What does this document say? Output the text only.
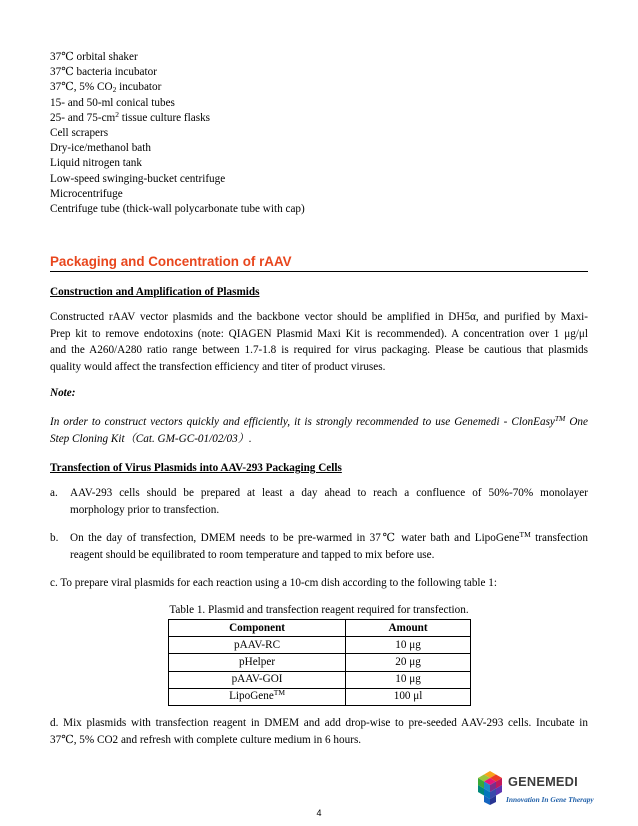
37℃ orbital shaker
37℃ bacteria incubator
37℃, 5% $CO_2$ incubator
15- and 50-ml conical tubes
25- and $75-cm^2$ tissue culture flasks
Cell scrapers
Dry-ice/methanol bath
Liquid nitrogen tank
Low-speed swinging-bucket centrifuge
Microcentrifuge
Centrifuge tube (thick-wall polycarbonate tube with cap)
Packaging and Concentration of rAAV
Construction and Amplification of Plasmids
Constructed rAAV vector plasmids and the backbone vector should be amplified in DH5α, and purified by Maxi-
Prep kit to remove endotoxins (note: QIAGEN Plasmid Maxi Kit is recommended). A concentration over 1 μg/μl
and the A260/A280 ratio range between 1.7-1.8 is required for virus packaging. Please be cautious that plasmids
quality would affect the transfection efficiency and titer of product viruses.
Note:
In order to construct vectors quickly and efficiently, it is strongly recommended to use Genemedi - ClonEasy™ One
Step Cloning Kit（Cat. GM-GC-01/02/03）.
Transfection of Virus Plasmids into AAV-293 Packaging Cells
a. AAV-293 cells should be prepared at least a day ahead to reach a confluence of 50%-70% monolayer
morphology prior to transfection.
b. On the day of transfection, DMEM needs to be pre-warmed in 37℃ water bath and LipoGene™ transfection
reagent should be equilibrated to room temperature and tapped to mix before use.
c. To prepare viral plasmids for each reaction using a 10-cm dish according to the following table 1:
Table 1. Plasmid and transfection reagent required for transfection.
Component	Amount
pAAV-RC	10 μg
pHelper	20 μg
pAAV-GOI	10 μg
LipoGene™	100 μl
d. Mix plasmids with transfection reagent in DMEM and add drop-wise to pre-seeded AAV-293 cells. Incubate in
37℃, 5% CO2 and refresh with complete culture medium in 6 hours.
GENEMEDI
Innovation In Gene Therapy
4
